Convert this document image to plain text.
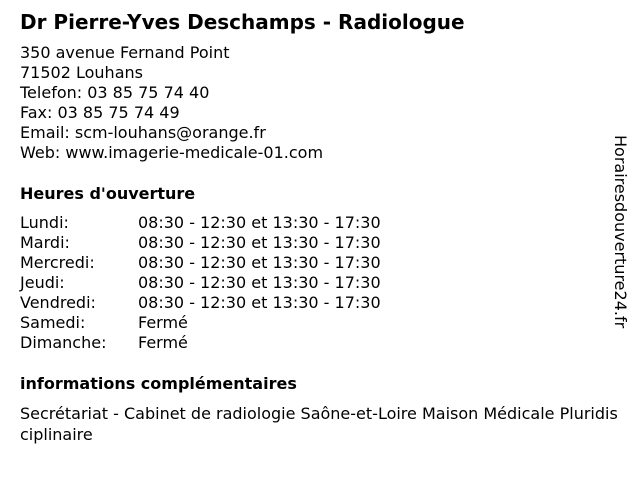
Dr Pierre-Yves Deschamps - Radiologue
350 avenue Fernand Point
71502 Louhans
Telefon: 03 85 75 74 40
Fax: 03 85 75 74 49
Email: scm-louhans@orange.fr
Web: www.imagerie-medicale-01.com
Heures d'ouverture
Lundi:	08:30 - 12:30 et 13:30 - 17:30
Mardi:	08:30 - 12:30 et 13:30 - 17:30
Mercredi:	08:30 - 12:30 et 13:30 - 17:30
Jeudi:	08:30 - 12:30 et 13:30 - 17:30
Vendredi:	08:30 - 12:30 et 13:30 - 17:30
Samedi:	Fermé
Dimanche: Fermé
informations complémentaires
Secrétariat - Cabinet de radiologie Saône-et-Loire Maison Médicale Pluridisciplinaire
Horairesdouverture24.fr
